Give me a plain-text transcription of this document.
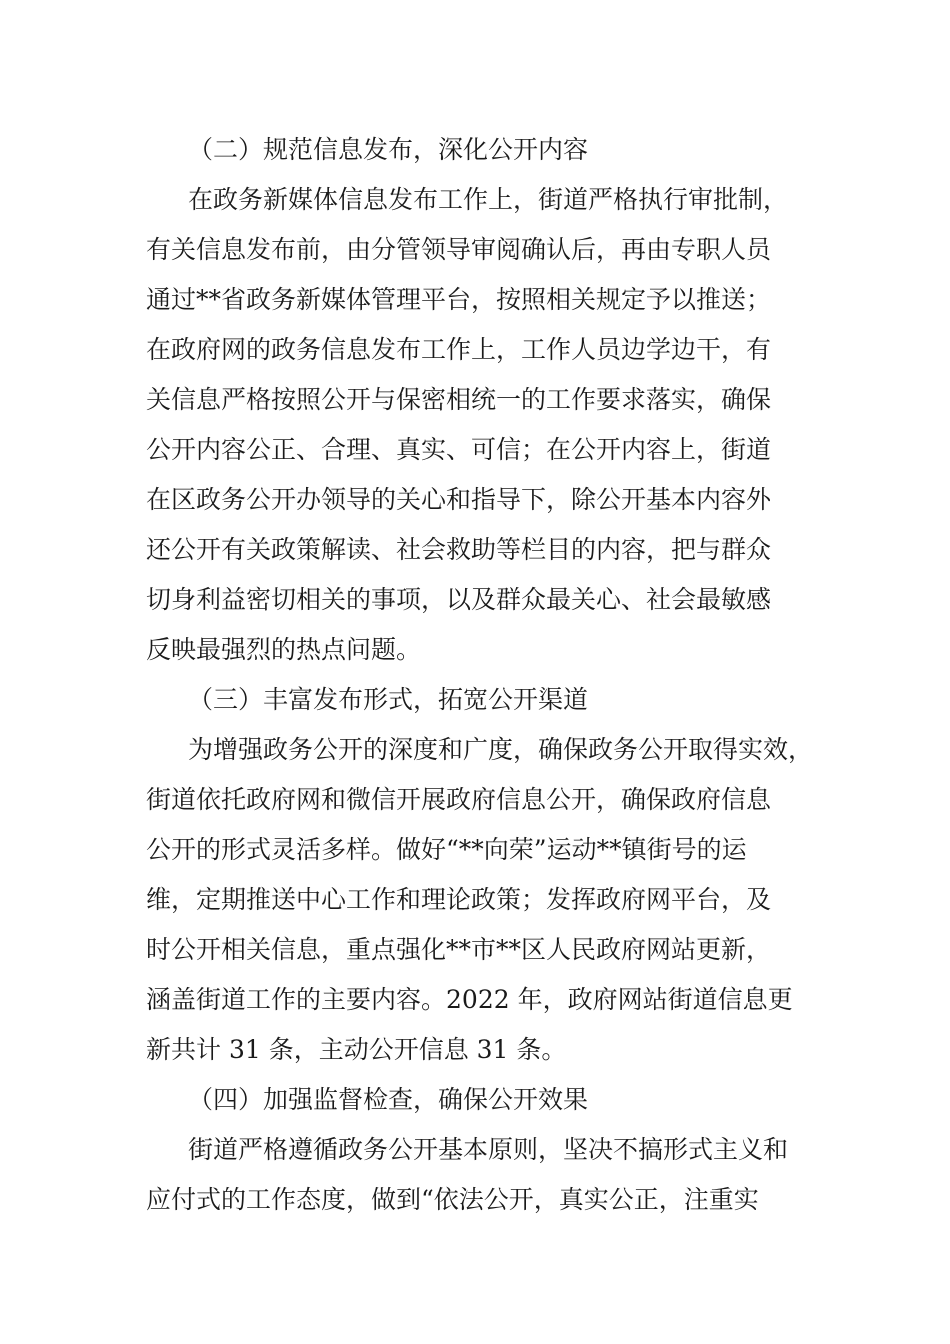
（二）规范信息发布，深化公开内容
在政务新媒体信息发布工作上，街道严格执行审批制，
有关信息发布前，由分管领导审阅确认后，再由专职人员
通过**省政务新媒体管理平台，按照相关规定予以推送；
在政府网的政务信息发布工作上，工作人员边学边干，有
关信息严格按照公开与保密相统一的工作要求落实，确保
公开内容公正、合理、真实、可信；在公开内容上，街道
在区政务公开办领导的关心和指导下，除公开基本内容外
还公开有关政策解读、社会救助等栏目的内容，把与群众
切身利益密切相关的事项，以及群众最关心、社会最敏感
反映最强烈的热点问题。
（三）丰富发布形式，拓宽公开渠道
为增强政务公开的深度和广度，确保政务公开取得实效，
街道依托政府网和微信开展政府信息公开，确保政府信息
公开的形式灵活多样。做好“**向荣”运动**镇街号的运
维，定期推送中心工作和理论政策；发挥政府网平台，及
时公开相关信息，重点强化**市**区人民政府网站更新，
涵盖街道工作的主要内容。2022 年，政府网站街道信息更
新共计 31 条，主动公开信息 31 条。
（四）加强监督检查，确保公开效果
街道严格遵循政务公开基本原则，坚决不搞形式主义和
应付式的工作态度，做到“依法公开，真实公正，注重实
